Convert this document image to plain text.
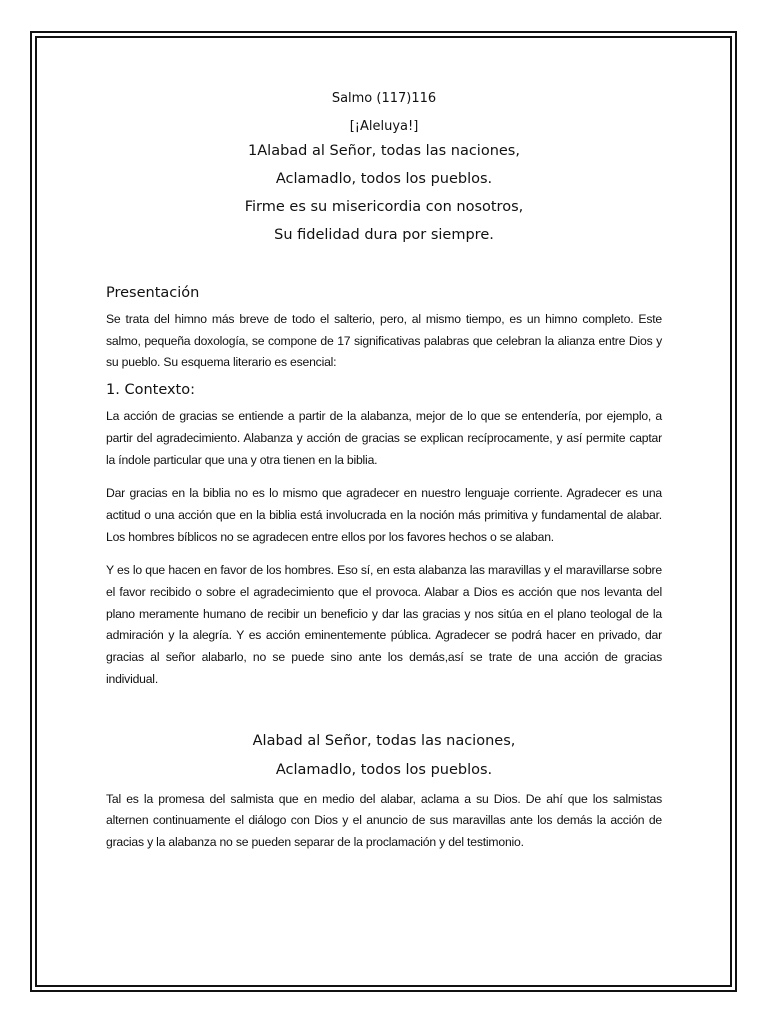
Salmo (117)116

[¡Aleluya!]

1Alabad al Señor, todas las naciones,

Aclamadlo, todos los pueblos.

Firme es su misericordia con nosotros,

Su fidelidad dura por siempre.

Presentación

Se trata del himno más breve de todo el salterio, pero, al mismo tiempo, es un himno completo. Este salmo, pequeña doxología, se compone de 17 significativas palabras que celebran la alianza entre Dios y su pueblo. Su esquema literario es esencial:

1. Contexto:

La acción de gracias se entiende a partir de la alabanza, mejor de lo que se entendería, por ejemplo, a partir del agradecimiento. Alabanza y acción de gracias se explican recíprocamente, y así permite captar la índole particular que una y otra tienen en la biblia.

Dar gracias en la biblia no es lo mismo que agradecer en nuestro lenguaje corriente. Agradecer es una actitud o una acción que en la biblia está involucrada en la noción más primitiva y fundamental de alabar. Los hombres bíblicos no se agradecen entre ellos por los favores hechos o se alaban.

Y es lo que hacen en favor de los hombres. Eso sí, en esta alabanza las maravillas y el maravillarse sobre el favor recibido o sobre el agradecimiento que el provoca. Alabar a Dios es acción que nos levanta del plano meramente humano de recibir un beneficio y dar las gracias y nos sitúa en el plano teologal de la admiración y la alegría. Y es acción eminentemente pública. Agradecer se podrá hacer en privado, dar gracias al señor alabarlo, no se puede sino ante los demás,así se trate de una acción de gracias individual.

Alabad al Señor, todas las naciones,

Aclamadlo, todos los pueblos.

Tal es la promesa del salmista que en medio del alabar, aclama a su Dios. De ahí que los salmistas alternen continuamente el diálogo con Dios y el anuncio de sus maravillas ante los demás la acción de gracias y la alabanza no se pueden separar de la proclamación y del testimonio.
